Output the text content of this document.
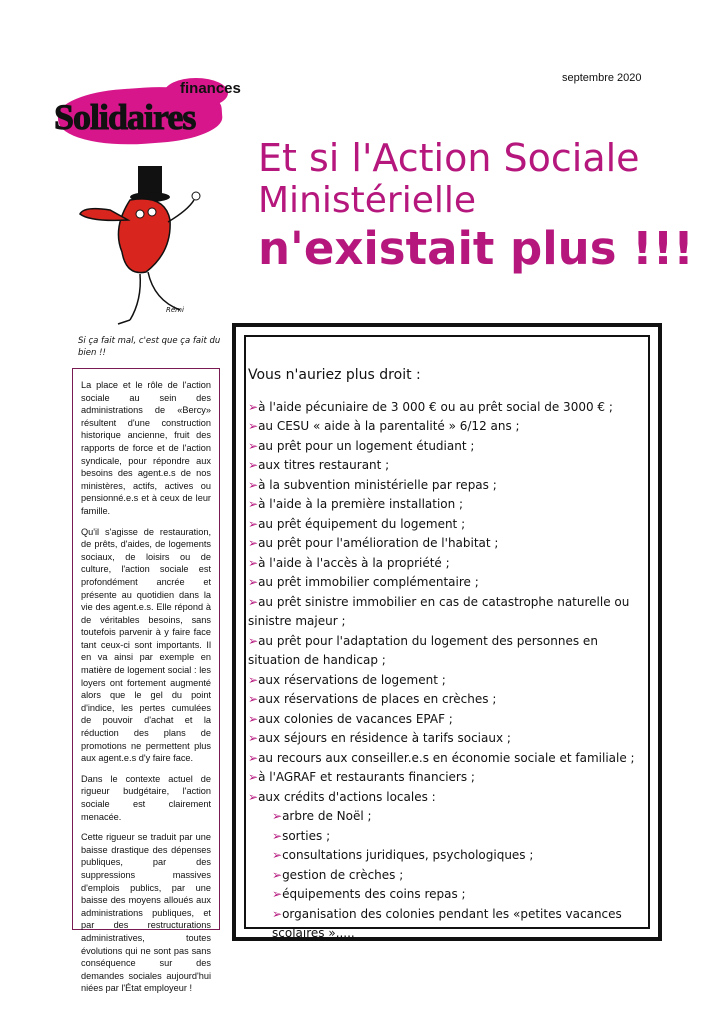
septembre 2020
Solidaires
finances
Rémi
Si ça fait mal, c'est que ça fait du bien !!
Et si l'Action Sociale
Ministérielle
n'existait plus !!!

La place et le rôle de l'action sociale au sein des administrations de «Bercy» résultent d'une construction historique ancienne, fruit des rapports de force et de l'action syndicale, pour répondre aux besoins des agent.e.s de nos ministères, actifs, actives ou pensionné.e.s et à ceux de leur famille.

Qu'il s'agisse de restauration, de prêts, d'aides, de logements sociaux, de loisirs ou de culture, l'action sociale est profondément ancrée et présente au quotidien dans la vie des agent.e.s. Elle répond à de véritables besoins, sans toutefois parvenir à y faire face tant ceux-ci sont importants. Il en va ainsi par exemple en matière de logement social : les loyers ont fortement augmenté alors que le gel du point d'indice, les pertes cumulées de pouvoir d'achat et la réduction des plans de promotions ne permettent plus aux agent.e.s d'y faire face.

Dans le contexte actuel de rigueur budgétaire, l'action sociale est clairement menacée.

Cette rigueur se traduit par une baisse drastique des dépenses publiques, par des suppressions massives d'emplois publics, par une baisse des moyens alloués aux administrations publiques, et par des restructurations administratives, toutes évolutions qui ne sont pas sans conséquence sur des demandes sociales aujourd'hui niées par l'État employeur !

Vous n'auriez plus droit :
➢à l'aide pécuniaire de 3 000 € ou au prêt social de 3000 € ;
➢au CESU « aide à la parentalité » 6/12 ans ;
➢au prêt pour un logement étudiant ;
➢aux titres restaurant ;
➢à la subvention ministérielle par repas ;
➢à l'aide à la première installation ;
➢au prêt équipement du logement ;
➢au prêt pour l'amélioration de l'habitat ;
➢à l'aide à l'accès à la propriété ;
➢au prêt immobilier complémentaire ;
➢au prêt sinistre immobilier en cas de catastrophe naturelle ou sinistre majeur ;
➢au prêt pour l'adaptation du logement des personnes en situation de handicap ;
➢aux réservations de logement ;
➢aux réservations de places en crèches ;
➢aux colonies de vacances EPAF ;
➢aux séjours en résidence à tarifs sociaux ;
➢au recours aux conseiller.e.s en économie sociale et familiale ;
➢à l'AGRAF et restaurants financiers ;
➢aux crédits d'actions locales :
➢arbre de Noël ;
➢sorties ;
➢consultations juridiques, psychologiques ;
➢gestion de crèches ;
➢équipements des coins repas ;
➢organisation des colonies pendant les «petites vacances scolaires »,....
